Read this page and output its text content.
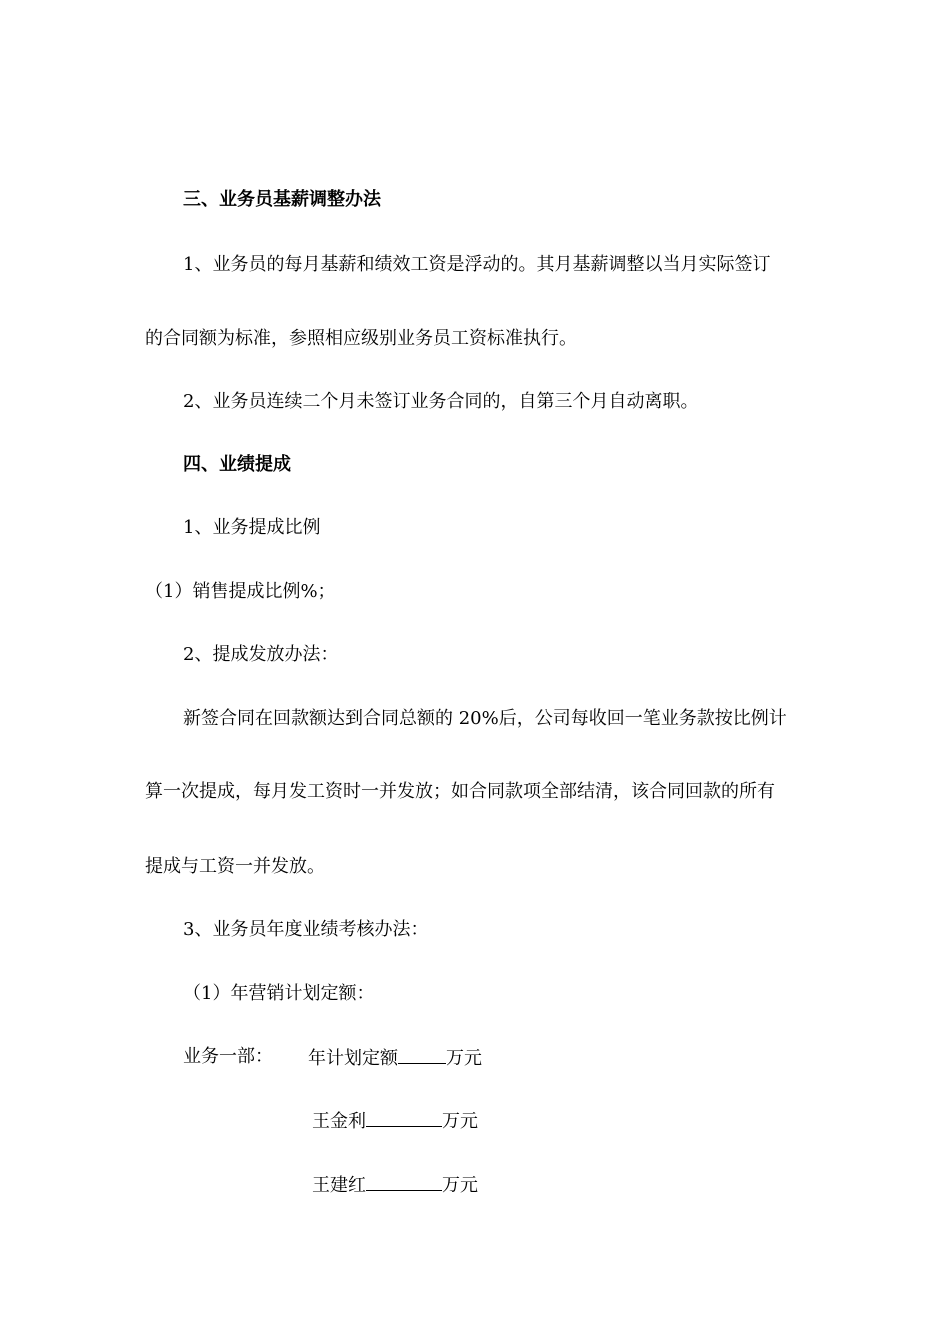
三、业务员基薪调整办法
1、业务员的每月基薪和绩效工资是浮动的。其月基薪调整以当月实际签订
的合同额为标准，参照相应级别业务员工资标准执行。
2、业务员连续二个月未签订业务合同的，自第三个月自动离职。
四、业绩提成
1、业务提成比例
（1）销售提成比例%；
2、提成发放办法：
新签合同在回款额达到合同总额的 20%后，公司每收回一笔业务款按比例计
算一次提成，每月发工资时一并发放；如合同款项全部结清，该合同回款的所有
提成与工资一并发放。
3、业务员年度业绩考核办法：
（1）年营销计划定额：
业务一部： 年计划定额	万元
王金利	万元
王建红	万元
